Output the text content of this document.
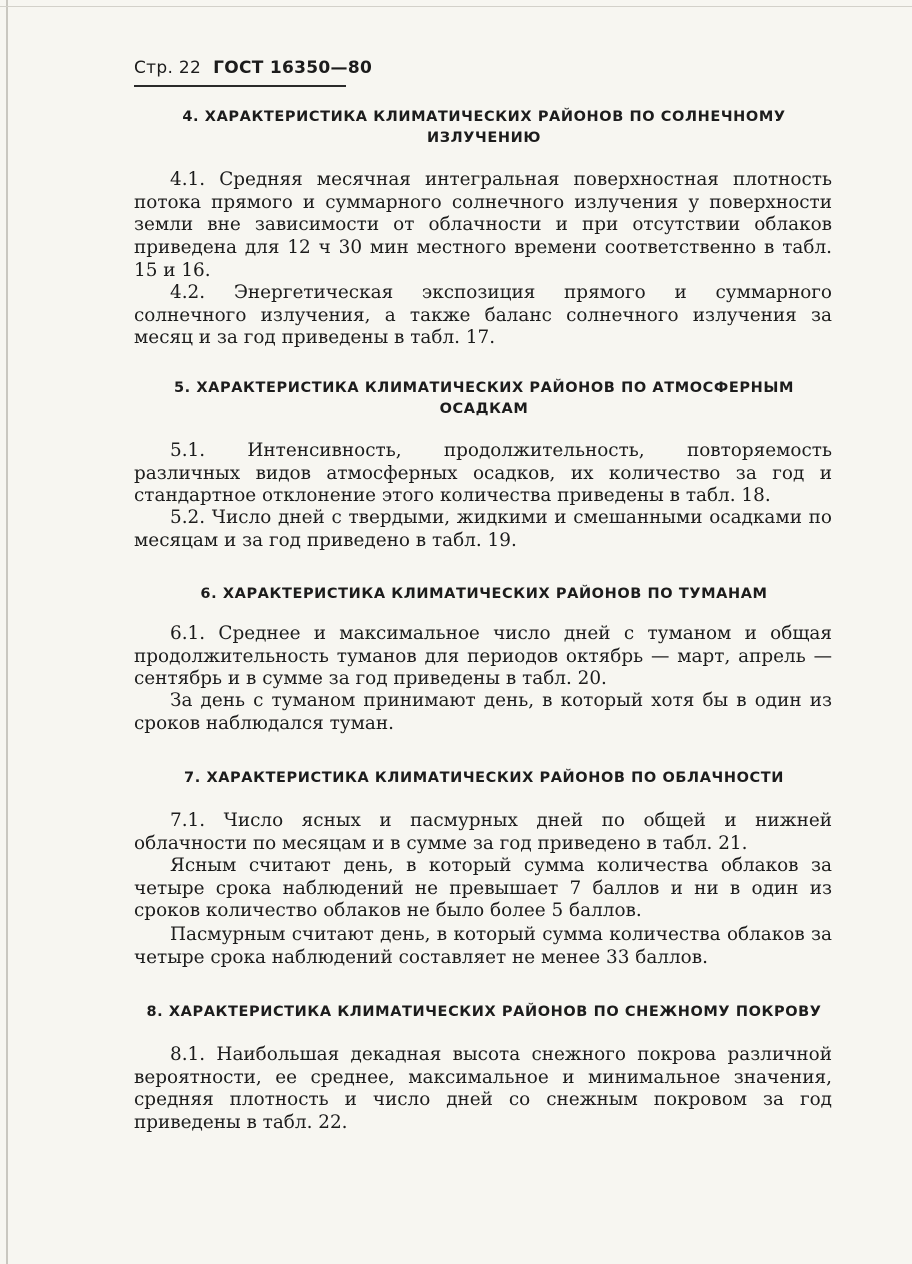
Стр. 22 ГОСТ 16350—80
4. ХАРАКТЕРИСТИКА КЛИМАТИЧЕСКИХ РАЙОНОВ ПО СОЛНЕЧНОМУ ИЗЛУЧЕНИЮ

4.1. Средняя месячная интегральная поверхностная плотность потока прямого и суммарного солнечного излучения у поверхности земли вне зависимости от облачности и при отсутствии облаков приведена для 12 ч 30 мин местного времени соответственно в табл. 15 и 16.

4.2. Энергетическая экспозиция прямого и суммарного солнечного излучения, а также баланс солнечного излучения за месяц и за год приведены в табл. 17.

5. ХАРАКТЕРИСТИКА КЛИМАТИЧЕСКИХ РАЙОНОВ ПО АТМОСФЕРНЫМ ОСАДКАМ

5.1. Интенсивность, продолжительность, повторяемость различных видов атмосферных осадков, их количество за год и стандартное отклонение этого количества приведены в табл. 18.

5.2. Число дней с твердыми, жидкими и смешанными осадками по месяцам и за год приведено в табл. 19.

6. ХАРАКТЕРИСТИКА КЛИМАТИЧЕСКИХ РАЙОНОВ ПО ТУМАНАМ

6.1. Среднее и максимальное число дней с туманом и общая продолжительность туманов для периодов октябрь — март, апрель — сентябрь и в сумме за год приведены в табл. 20.

За день с туманом принимают день, в который хотя бы в один из сроков наблюдался туман.

7. ХАРАКТЕРИСТИКА КЛИМАТИЧЕСКИХ РАЙОНОВ ПО ОБЛАЧНОСТИ

7.1. Число ясных и пасмурных дней по общей и нижней облачности по месяцам и в сумме за год приведено в табл. 21.

Ясным считают день, в который сумма количества облаков за четыре срока наблюдений не превышает 7 баллов и ни в один из сроков количество облаков не было более 5 баллов.

Пасмурным считают день, в который сумма количества облаков за четыре срока наблюдений составляет не менее 33 баллов.

8. ХАРАКТЕРИСТИКА КЛИМАТИЧЕСКИХ РАЙОНОВ ПО СНЕЖНОМУ ПОКРОВУ

8.1. Наибольшая декадная высота снежного покрова различной вероятности, ее среднее, максимальное и минимальное значения, средняя плотность и число дней со снежным покровом за год приведены в табл. 22.
